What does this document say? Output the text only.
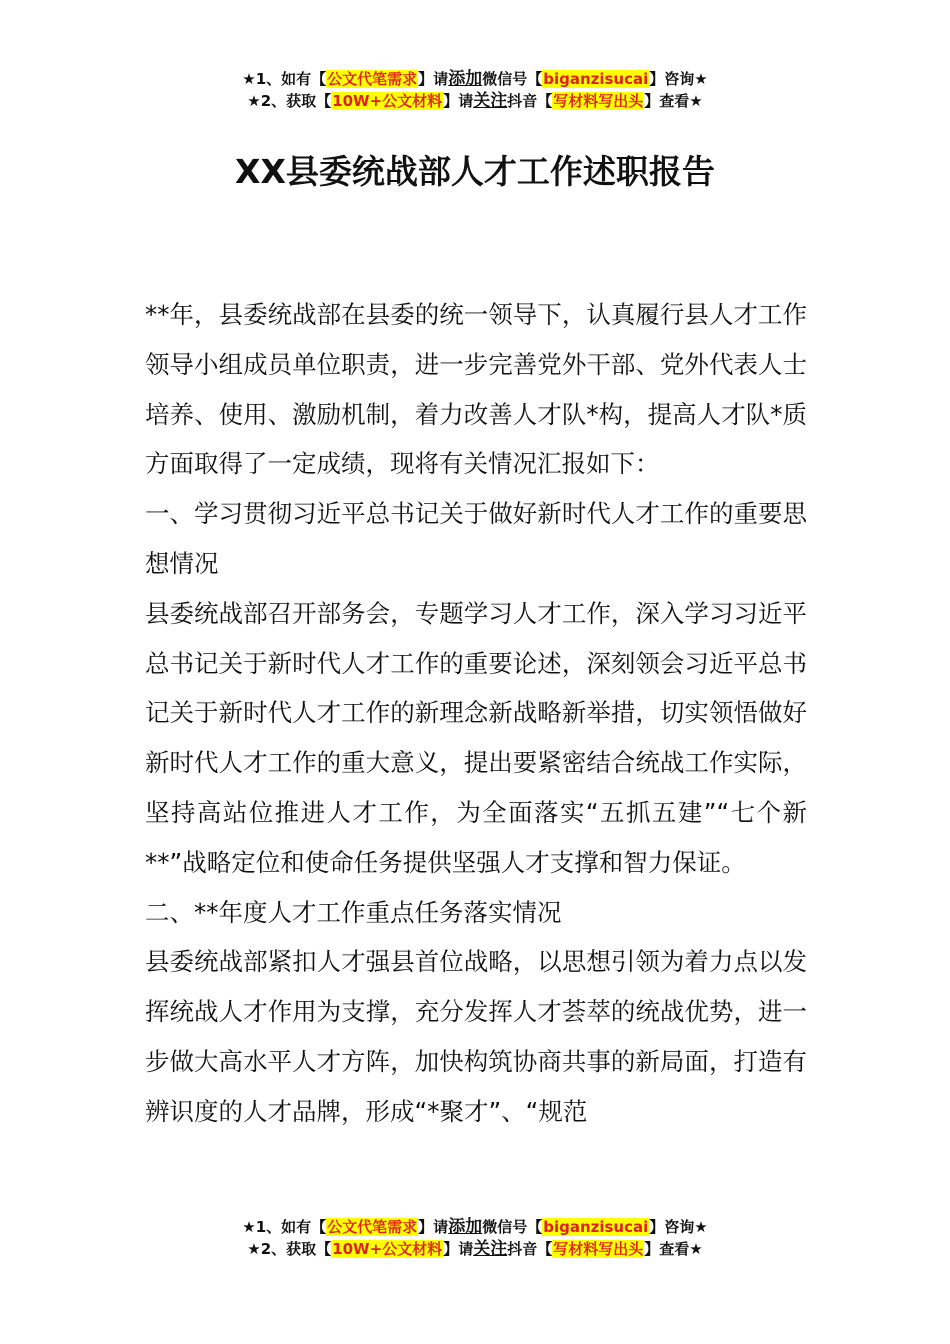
★1、如有【公文代笔需求】请添加微信号【biganzisucai】咨询★
★2、获取【10W+公文材料】请关注抖音【写材料写出头】查看★
XX县委统战部人才工作述职报告

**年，县委统战部在县委的统一领导下，认真履行县人才工作领导小组成员单位职责，进一步完善党外干部、党外代表人士培养、使用、激励机制，着力改善人才队*构，提高人才队*质方面取得了一定成绩，现将有关情况汇报如下：

一、学习贯彻习近平总书记关于做好新时代人才工作的重要思想情况

县委统战部召开部务会，专题学习人才工作，深入学习习近平总书记关于新时代人才工作的重要论述，深刻领会习近平总书记关于新时代人才工作的新理念新战略新举措，切实领悟做好新时代人才工作的重大意义，提出要紧密结合统战工作实际，坚持高站位推进人才工作，为全面落实“五抓五建”“七个新**”战略定位和使命任务提供坚强人才支撑和智力保证。

二、**年度人才工作重点任务落实情况

县委统战部紧扣人才强县首位战略，以思想引领为着力点以发挥统战人才作用为支撑，充分发挥人才荟萃的统战优势，进一步做大高水平人才方阵，加快构筑协商共事的新局面，打造有辨识度的人才品牌，形成“*聚才”、“规范

★1、如有【公文代笔需求】请添加微信号【biganzisucai】咨询★
★2、获取【10W+公文材料】请关注抖音【写材料写出头】查看★
